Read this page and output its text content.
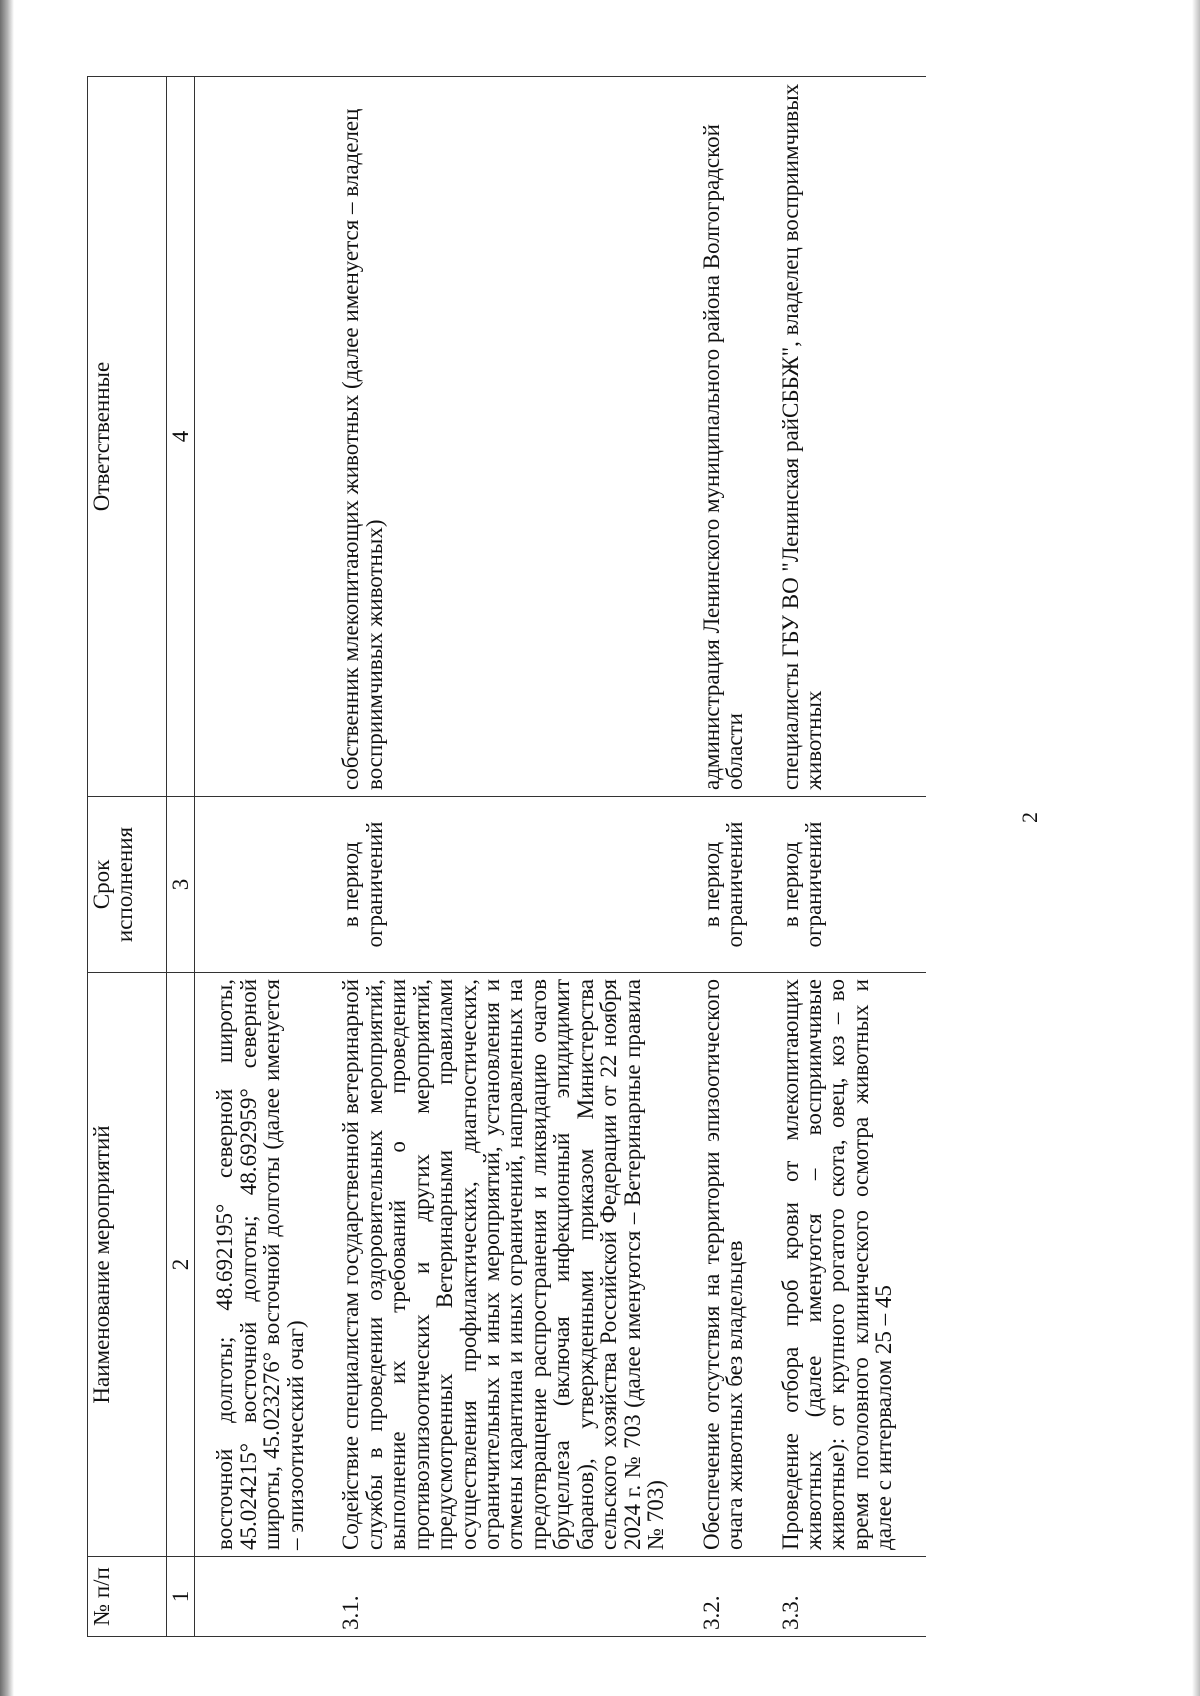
2
№ п/п	Наименование мероприятий	Срок исполнения	Ответственные
1	2	3	4
	восточной долготы; 48.692195° северной широты, 45.024215° восточной долготы; 48.692959° северной широты, 45.023276° восточной долготы (далее именуется – эпизоотический очаг)		
3.1.	Содействие специалистам государственной ветеринарной службы в проведении оздоровительных мероприятий, выполнение их требований о проведении противоэпизоотических и других мероприятий, предусмотренных Ветеринарными правилами осуществления профилактических, диагностических, ограничительных и иных мероприятий, установления и отмены карантина и иных ограничений, направленных на предотвращение распространения и ликвидацию очагов бруцеллеза (включая инфекционный эпидидимит баранов), утвержденными приказом Министерства сельского хозяйства Российской Федерации от 22 ноября 2024 г. № 703 (далее именуются – Ветеринарные правила № 703)	в период ограничений	собственник млекопитающих животных (далее именуется – владелец восприимчивых животных)
3.2.	Обеспечение отсутствия на территории эпизоотического очага животных без владельцев	в период ограничений	администрация Ленинского муниципального района Волгоградской области
3.3.	Проведение отбора проб крови от млекопитающих животных (далее именуются – восприимчивые животные): от крупного рогатого скота, овец, коз – во время поголовного клинического осмотра животных и далее с интервалом 25 – 45	в период ограничений	специалисты ГБУ ВО "Ленинская райСББЖ", владелец восприимчивых животных
